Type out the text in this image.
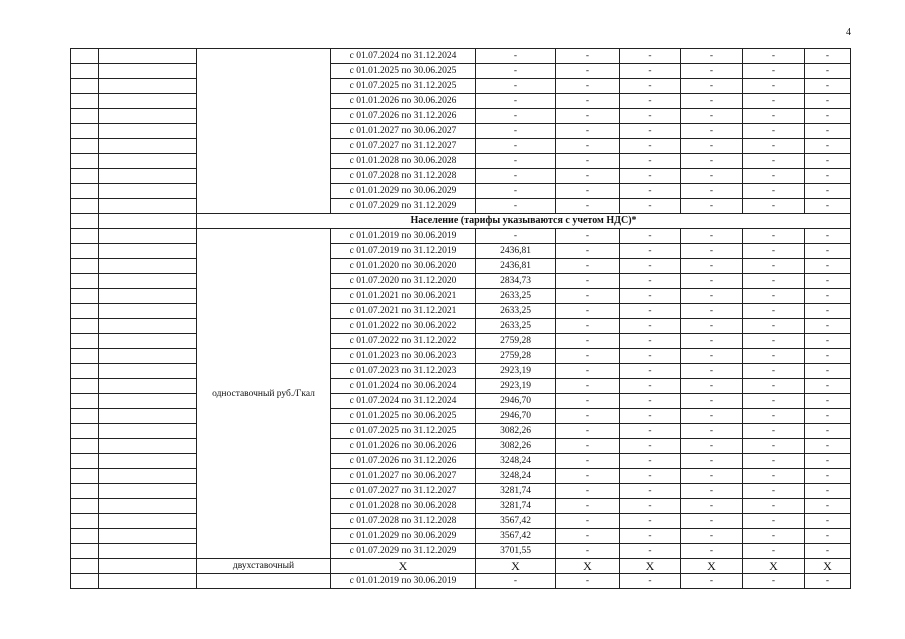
4
			с 01.07.2024 по 31.12.2024	-	-	-	-	-	-
			с 01.01.2025 по 30.06.2025	-	-	-	-	-	-
			с 01.07.2025 по 31.12.2025	-	-	-	-	-	-
			с 01.01.2026 по 30.06.2026	-	-	-	-	-	-
			с 01.07.2026 по 31.12.2026	-	-	-	-	-	-
			с 01.01.2027 по 30.06.2027	-	-	-	-	-	-
			с 01.07.2027 по 31.12.2027	-	-	-	-	-	-
			с 01.01.2028 по 30.06.2028	-	-	-	-	-	-
			с 01.07.2028 по 31.12.2028	-	-	-	-	-	-
			с 01.01.2029 по 30.06.2029	-	-	-	-	-	-
			с 01.07.2029 по 31.12.2029	-	-	-	-	-	-
		Население (тарифы указываются с учетом НДС)*							
		одноставочный руб./Гкал	с 01.01.2019 по 30.06.2019	-	-	-	-	-	-
			с 01.07.2019 по 31.12.2019	2436,81	-	-	-	-	-
			с 01.01.2020 по 30.06.2020	2436,81	-	-	-	-	-
			с 01.07.2020 по 31.12.2020	2834,73	-	-	-	-	-
			с 01.01.2021 по 30.06.2021	2633,25	-	-	-	-	-
			с 01.07.2021 по 31.12.2021	2633,25	-	-	-	-	-
			с 01.01.2022 по 30.06.2022	2633,25	-	-	-	-	-
			с 01.07.2022 по 31.12.2022	2759,28	-	-	-	-	-
			с 01.01.2023 по 30.06.2023	2759,28	-	-	-	-	-
			с 01.07.2023 по 31.12.2023	2923,19	-	-	-	-	-
			с 01.01.2024 по 30.06.2024	2923,19	-	-	-	-	-
			с 01.07.2024 по 31.12.2024	2946,70	-	-	-	-	-
			с 01.01.2025 по 30.06.2025	2946,70	-	-	-	-	-
			с 01.07.2025 по 31.12.2025	3082,26	-	-	-	-	-
			с 01.01.2026 по 30.06.2026	3082,26	-	-	-	-	-
			с 01.07.2026 по 31.12.2026	3248,24	-	-	-	-	-
			с 01.01.2027 по 30.06.2027	3248,24	-	-	-	-	-
			с 01.07.2027 по 31.12.2027	3281,74	-	-	-	-	-
			с 01.01.2028 по 30.06.2028	3281,74	-	-	-	-	-
			с 01.07.2028 по 31.12.2028	3567,42	-	-	-	-	-
			с 01.01.2029 по 30.06.2029	3567,42	-	-	-	-	-
			с 01.07.2029 по 31.12.2029	3701,55	-	-	-	-	-
		двухставочный	X	X	X	X	X	X	X
			с 01.01.2019 по 30.06.2019	-	-	-	-	-	-
